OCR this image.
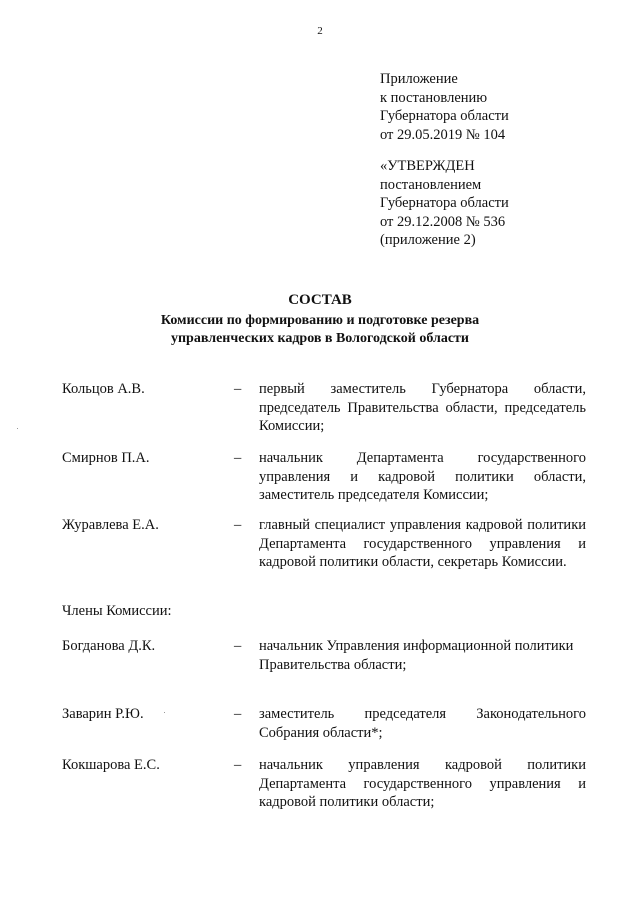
2
Приложение
к постановлению
Губернатора области
от 29.05.2019 № 104
«УТВЕРЖДЕН
постановлением
Губернатора области
от 29.12.2008 № 536
(приложение 2)
СОСТАВ
Комиссии по формированию и подготовке резерва
управленческих кадров в Вологодской области
Кольцов А.В.	– первый заместитель Губернатора области, председатель Правительства области, председатель Комиссии;
Смирнов П.А.	– начальник Департамента государственного управления и кадровой политики области, заместитель председателя Комиссии;
Журавлева Е.А.	– главный специалист управления кадровой политики Департамента государственного управления и кадровой политики области, секретарь Комиссии.
Члены Комиссии:
Богданова Д.К.	– начальник Управления информационной политики Правительства области;
Заварин Р.Ю.	– заместитель председателя Законодательного Собрания области*;
Кокшарова Е.С.	– начальник управления кадровой политики Департамента государственного управления и кадровой политики области;
